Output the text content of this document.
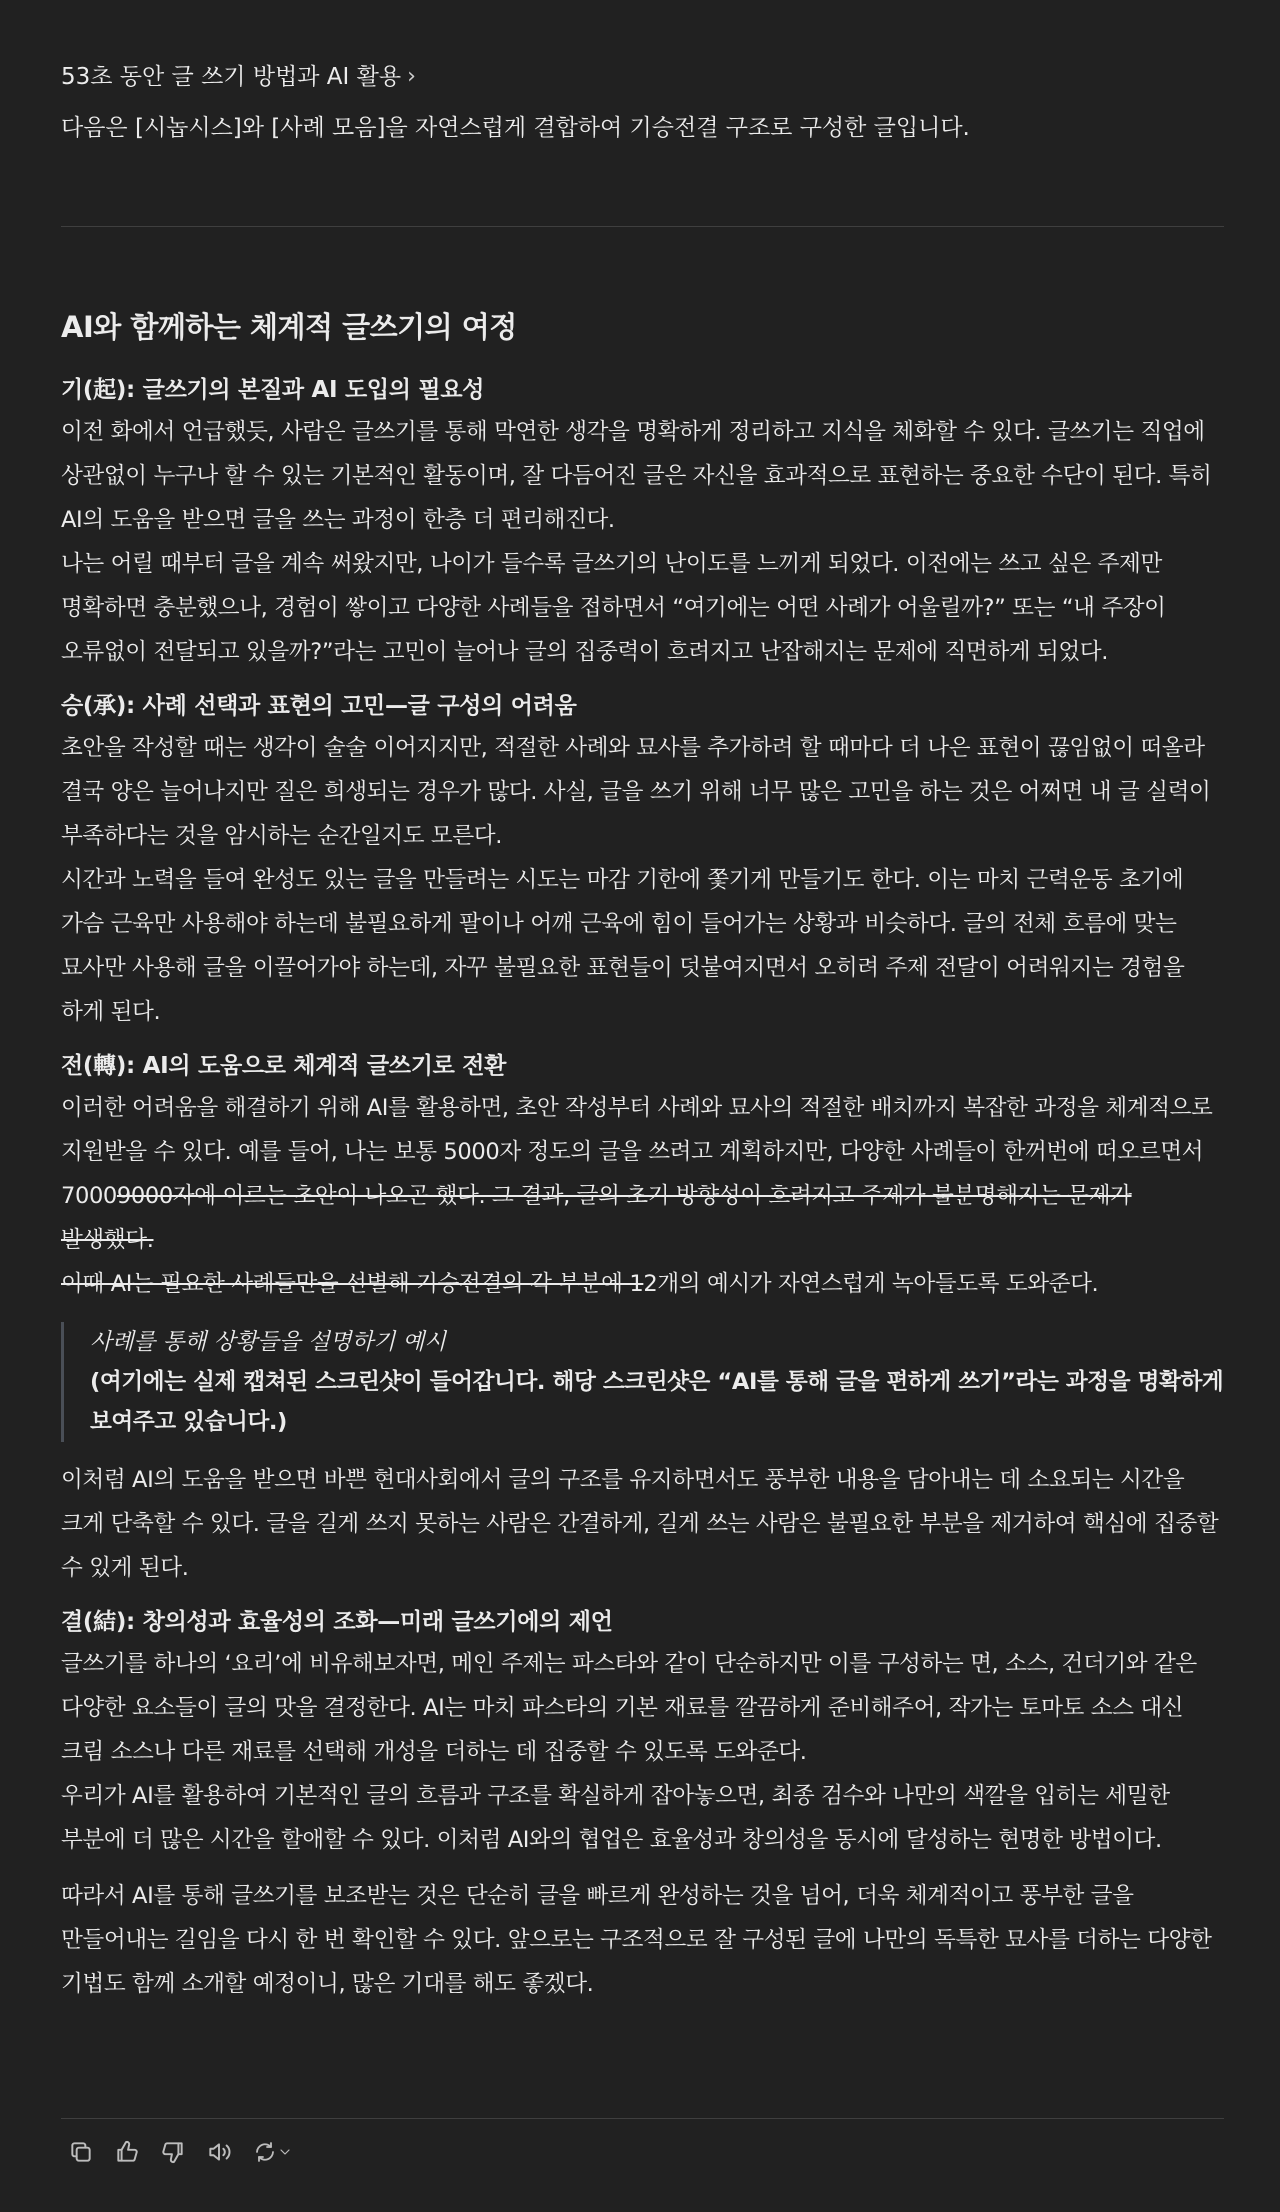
53초 동안 글 쓰기 방법과 AI 활용 ›
다음은 [시놉시스]와 [사례 모음]을 자연스럽게 결합하여 기승전결 구조로 구성한 글입니다.
AI와 함께하는 체계적 글쓰기의 여정

기(起): 글쓰기의 본질과 AI 도입의 필요성

이전 화에서 언급했듯, 사람은 글쓰기를 통해 막연한 생각을 명확하게 정리하고 지식을 체화할 수 있다. 글쓰기는 직업에 상관없이 누구나 할 수 있는 기본적인 활동이며, 잘 다듬어진 글은 자신을 효과적으로 표현하는 중요한 수단이 된다. 특히 AI의 도움을 받으면 글을 쓰는 과정이 한층 더 편리해진다.

나는 어릴 때부터 글을 계속 써왔지만, 나이가 들수록 글쓰기의 난이도를 느끼게 되었다. 이전에는 쓰고 싶은 주제만 명확하면 충분했으나, 경험이 쌓이고 다양한 사례들을 접하면서 “여기에는 어떤 사례가 어울릴까?” 또는 “내 주장이 오류없이 전달되고 있을까?”라는 고민이 늘어나 글의 집중력이 흐려지고 난잡해지는 문제에 직면하게 되었다.

승(承): 사례 선택과 표현의 고민—글 구성의 어려움

초안을 작성할 때는 생각이 술술 이어지지만, 적절한 사례와 묘사를 추가하려 할 때마다 더 나은 표현이 끊임없이 떠올라 결국 양은 늘어나지만 질은 희생되는 경우가 많다. 사실, 글을 쓰기 위해 너무 많은 고민을 하는 것은 어쩌면 내 글 실력이 부족하다는 것을 암시하는 순간일지도 모른다.

시간과 노력을 들여 완성도 있는 글을 만들려는 시도는 마감 기한에 쫓기게 만들기도 한다. 이는 마치 근력운동 초기에 가슴 근육만 사용해야 하는데 불필요하게 팔이나 어깨 근육에 힘이 들어가는 상황과 비슷하다. 글의 전체 흐름에 맞는 묘사만 사용해 글을 이끌어가야 하는데, 자꾸 불필요한 표현들이 덧붙여지면서 오히려 주제 전달이 어려워지는 경험을 하게 된다.

전(轉): AI의 도움으로 체계적 글쓰기로 전환

이러한 어려움을 해결하기 위해 AI를 활용하면, 초안 작성부터 사례와 묘사의 적절한 배치까지 복잡한 과정을 체계적으로 지원받을 수 있다. 예를 들어, 나는 보통 5000자 정도의 글을 쓰려고 계획하지만, 다양한 사례들이 한꺼번에 떠오르면서 70009000자에 이르는 초안이 나오곤 했다. 그 결과, 글의 초기 방향성이 흐려지고 주제가 불분명해지는 문제가 발생했다.

이때 AI는 필요한 사례들만을 선별해 기승전결의 각 부분에 12개의 예시가 자연스럽게 녹아들도록 도와준다.

사례를 통해 상황들을 설명하기 예시
(여기에는 실제 캡쳐된 스크린샷이 들어갑니다. 해당 스크린샷은 “AI를 통해 글을 편하게 쓰기”라는 과정을 명확하게 보여주고 있습니다.)

이처럼 AI의 도움을 받으면 바쁜 현대사회에서 글의 구조를 유지하면서도 풍부한 내용을 담아내는 데 소요되는 시간을 크게 단축할 수 있다. 글을 길게 쓰지 못하는 사람은 간결하게, 길게 쓰는 사람은 불필요한 부분을 제거하여 핵심에 집중할 수 있게 된다.

결(結): 창의성과 효율성의 조화—미래 글쓰기에의 제언

글쓰기를 하나의 ‘요리’에 비유해보자면, 메인 주제는 파스타와 같이 단순하지만 이를 구성하는 면, 소스, 건더기와 같은 다양한 요소들이 글의 맛을 결정한다. AI는 마치 파스타의 기본 재료를 깔끔하게 준비해주어, 작가는 토마토 소스 대신 크림 소스나 다른 재료를 선택해 개성을 더하는 데 집중할 수 있도록 도와준다.

우리가 AI를 활용하여 기본적인 글의 흐름과 구조를 확실하게 잡아놓으면, 최종 검수와 나만의 색깔을 입히는 세밀한 부분에 더 많은 시간을 할애할 수 있다. 이처럼 AI와의 협업은 효율성과 창의성을 동시에 달성하는 현명한 방법이다.

따라서 AI를 통해 글쓰기를 보조받는 것은 단순히 글을 빠르게 완성하는 것을 넘어, 더욱 체계적이고 풍부한 글을 만들어내는 길임을 다시 한 번 확인할 수 있다. 앞으로는 구조적으로 잘 구성된 글에 나만의 독특한 묘사를 더하는 다양한 기법도 함께 소개할 예정이니, 많은 기대를 해도 좋겠다.
